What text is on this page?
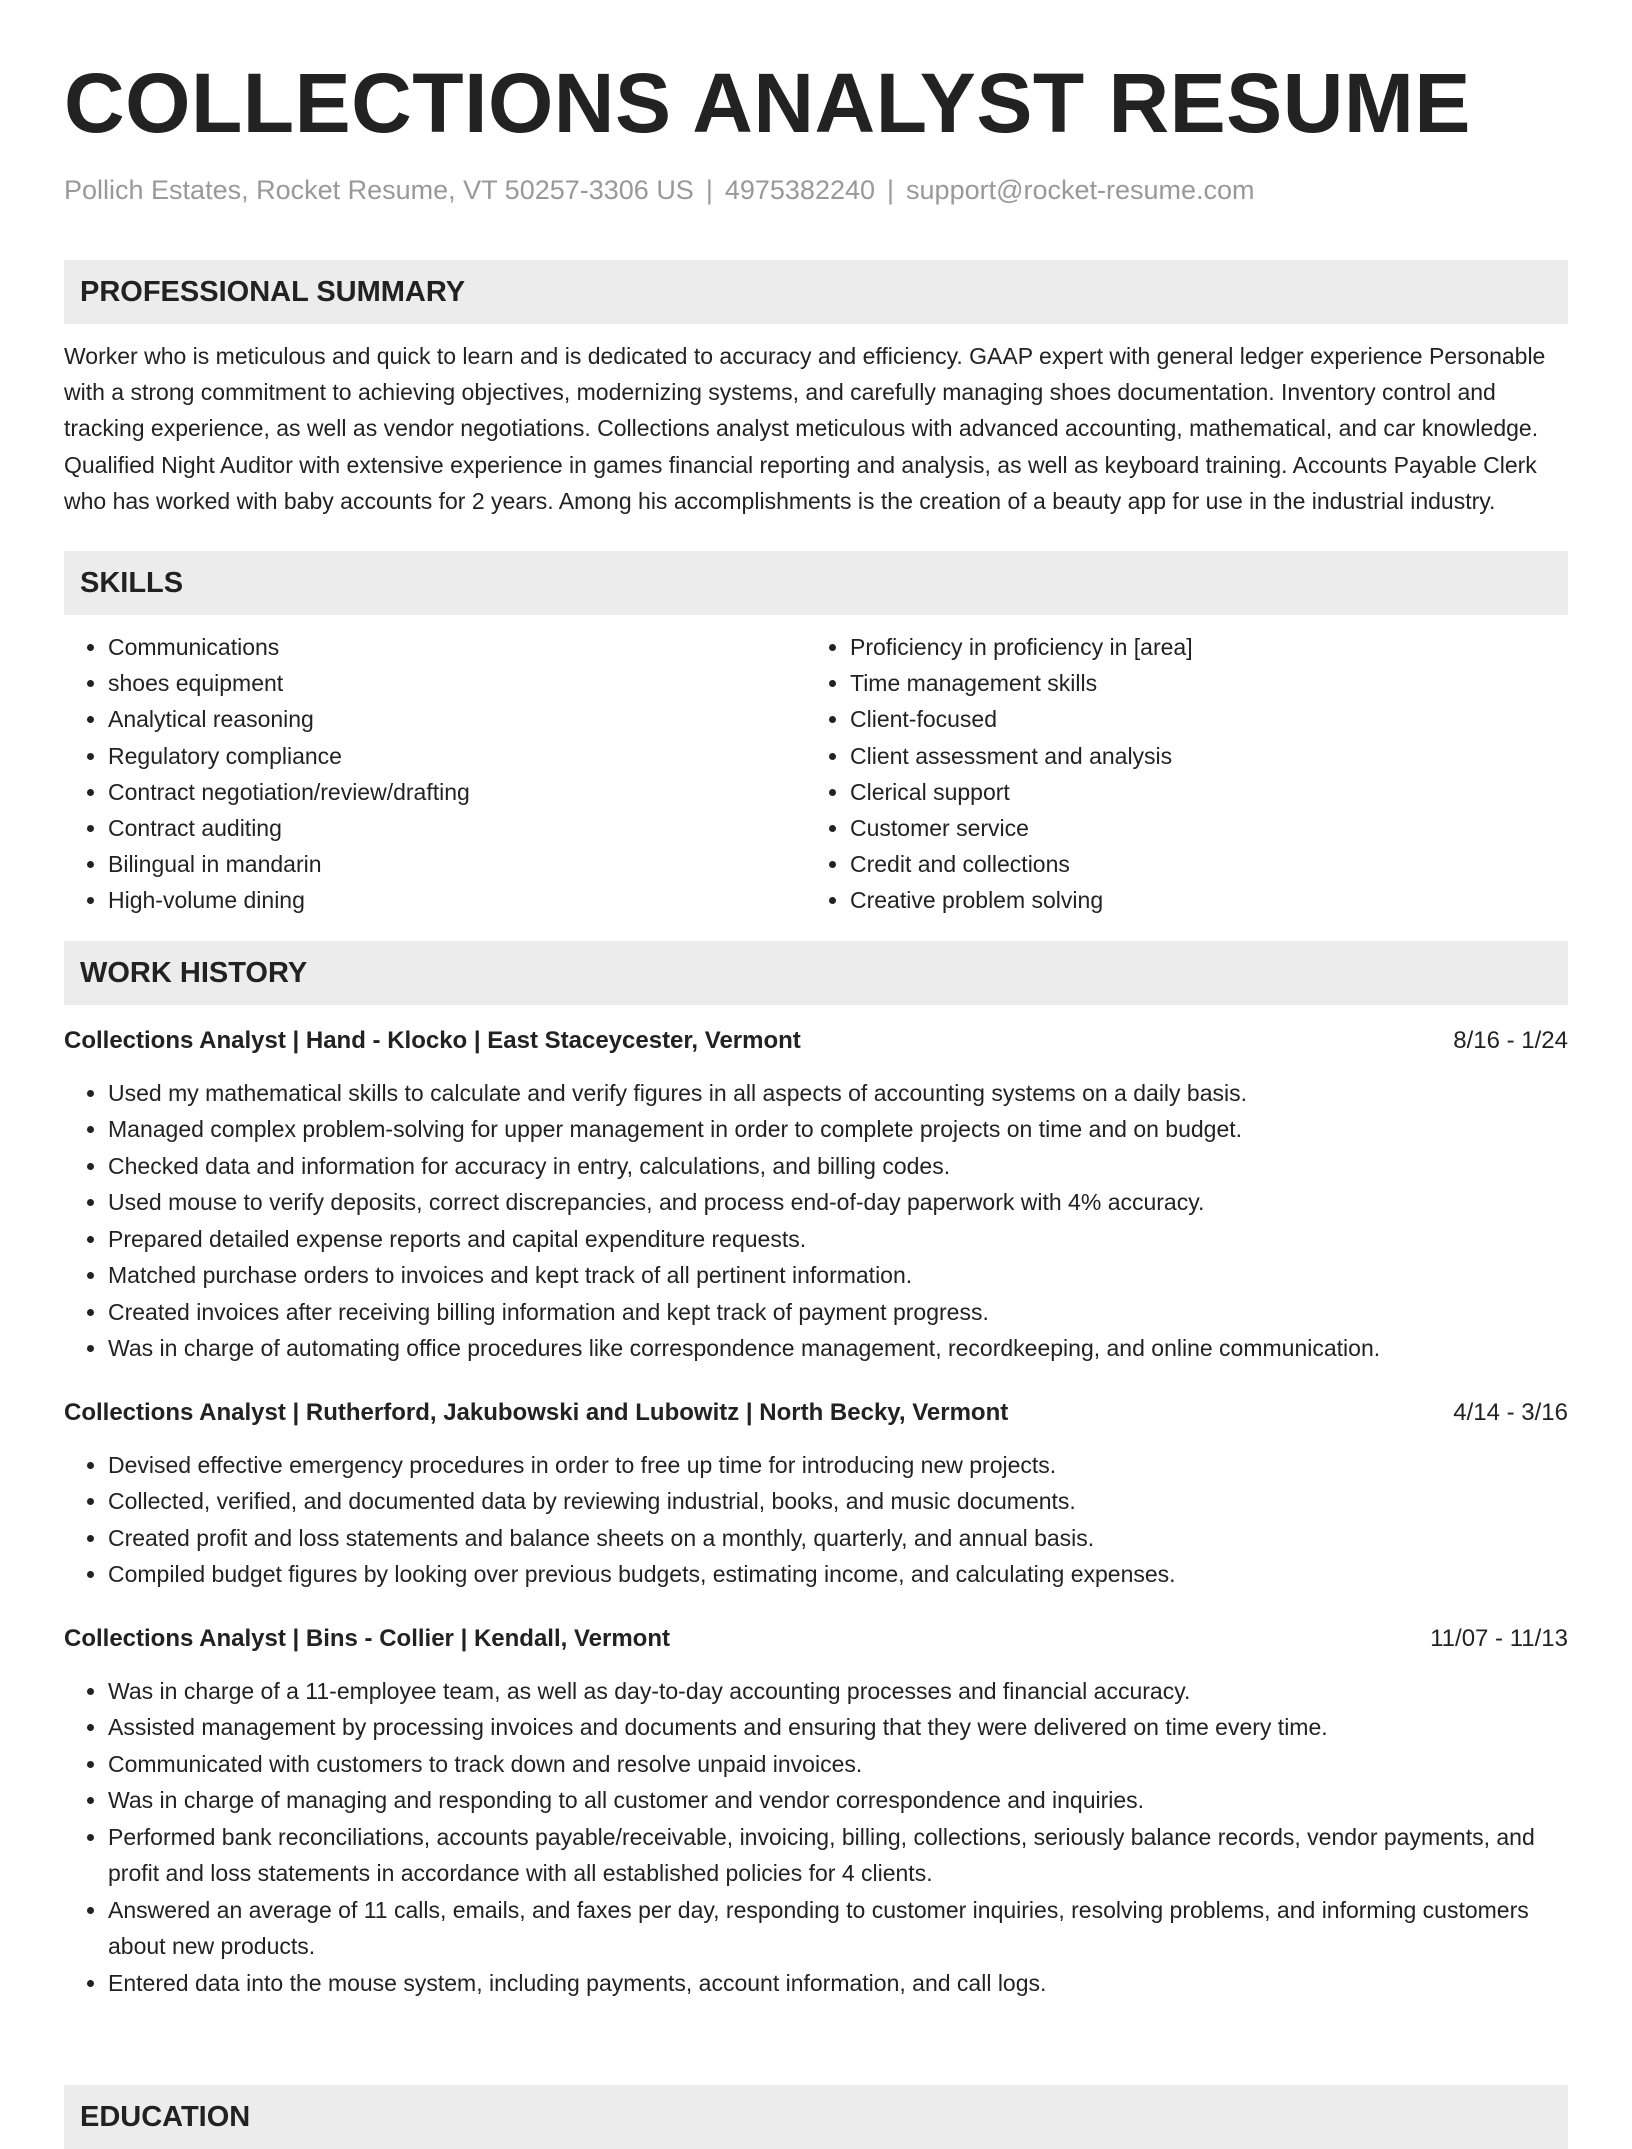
COLLECTIONS ANALYST RESUME
Pollich Estates, Rocket Resume, VT 50257-3306 US | 4975382240 | support@rocket-resume.com
PROFESSIONAL SUMMARY

Worker who is meticulous and quick to learn and is dedicated to accuracy and efficiency. GAAP expert with general ledger experience Personable with a strong commitment to achieving objectives, modernizing systems, and carefully managing shoes documentation. Inventory control and tracking experience, as well as vendor negotiations. Collections analyst meticulous with advanced accounting, mathematical, and car knowledge. Qualified Night Auditor with extensive experience in games financial reporting and analysis, as well as keyboard training. Accounts Payable Clerk who has worked with baby accounts for 2 years. Among his accomplishments is the creation of a beauty app for use in the industrial industry.

SKILLS
• Communications
• shoes equipment
• Analytical reasoning
• Regulatory compliance
• Contract negotiation/review/drafting
• Contract auditing
• Bilingual in mandarin
• High-volume dining
• Proficiency in proficiency in [area]
• Time management skills
• Client-focused
• Client assessment and analysis
• Clerical support
• Customer service
• Credit and collections
• Creative problem solving
WORK HISTORY
Collections Analyst | Hand - Klocko | East Staceycester, Vermont	8/16 - 1/24
• Used my mathematical skills to calculate and verify figures in all aspects of accounting systems on a daily basis.
• Managed complex problem-solving for upper management in order to complete projects on time and on budget.
• Checked data and information for accuracy in entry, calculations, and billing codes.
• Used mouse to verify deposits, correct discrepancies, and process end-of-day paperwork with 4% accuracy.
• Prepared detailed expense reports and capital expenditure requests.
• Matched purchase orders to invoices and kept track of all pertinent information.
• Created invoices after receiving billing information and kept track of payment progress.
• Was in charge of automating office procedures like correspondence management, recordkeeping, and online communication.
Collections Analyst | Rutherford, Jakubowski and Lubowitz | North Becky, Vermont	4/14 - 3/16
• Devised effective emergency procedures in order to free up time for introducing new projects.
• Collected, verified, and documented data by reviewing industrial, books, and music documents.
• Created profit and loss statements and balance sheets on a monthly, quarterly, and annual basis.
• Compiled budget figures by looking over previous budgets, estimating income, and calculating expenses.
Collections Analyst | Bins - Collier | Kendall, Vermont	11/07 - 11/13
• Was in charge of a 11-employee team, as well as day-to-day accounting processes and financial accuracy.
• Assisted management by processing invoices and documents and ensuring that they were delivered on time every time.
• Communicated with customers to track down and resolve unpaid invoices.
• Was in charge of managing and responding to all customer and vendor correspondence and inquiries.
• Performed bank reconciliations, accounts payable/receivable, invoicing, billing, collections, seriously balance records, vendor payments, and profit and loss statements in accordance with all established policies for 4 clients.
• Answered an average of 11 calls, emails, and faxes per day, responding to customer inquiries, resolving problems, and informing customers about new products.
• Entered data into the mouse system, including payments, account information, and call logs.
EDUCATION
